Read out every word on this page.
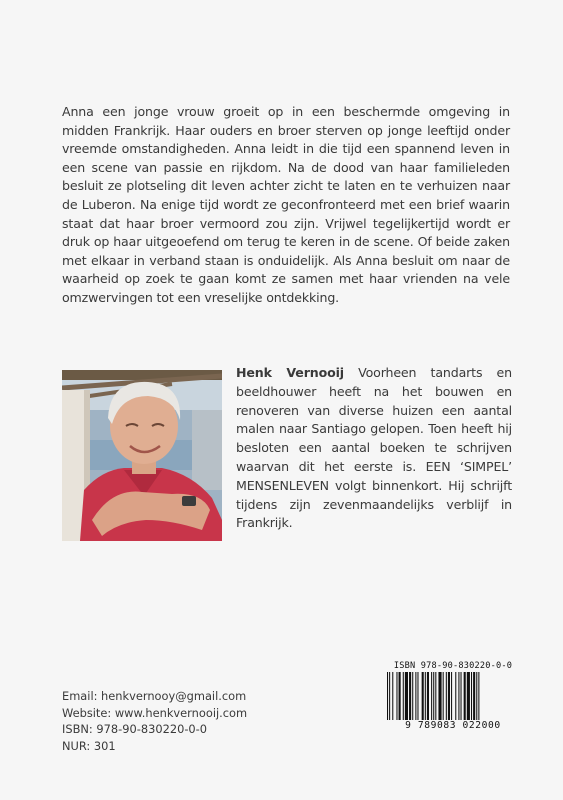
Anna een jonge vrouw groeit op in een beschermde omgeving in midden Frankrijk. Haar ouders en broer sterven op jonge leeftijd onder vreemde omstandigheden. Anna leidt in die tijd een spannend leven in een scene van passie en rijkdom. Na de dood van haar familieleden besluit ze plotseling dit leven achter zicht te laten en te verhuizen naar de Luberon. Na enige tijd wordt ze geconfronteerd met een brief waarin staat dat haar broer vermoord zou zijn. Vrijwel tegelijkertijd wordt er druk op haar uitgeoefend om terug te keren in de scene. Of beide zaken met elkaar in verband staan is onduidelijk. Als Anna besluit om naar de waarheid op zoek te gaan komt ze samen met haar vrienden na vele omzwervingen tot een vreselijke ontdekking.

Henk Vernooij Voorheen tandarts en beeldhouwer heeft na het bouwen en renoveren van diverse huizen een aantal malen naar Santiago gelopen. Toen heeft hij besloten een aantal boeken te schrijven waarvan dit het eerste is. EEN ‘SIMPEL’ MENSENLEVEN volgt binnenkort. Hij schrijft tijdens zijn zevenmaandelijks verblijf in Frankrijk.

Email: henkvernooy@gmail.com
Website: www.henkvernooij.com
ISBN: 978-90-830220-0-0
NUR: 301
ISBN 978-90-830220-0-0
9 789083 022000
